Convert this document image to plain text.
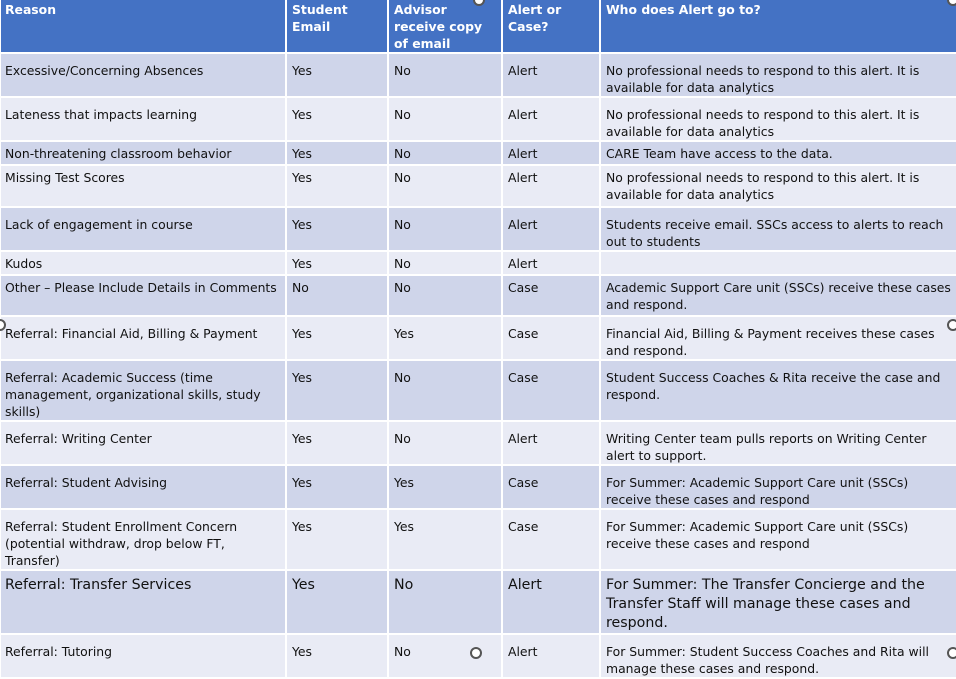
Reason	Student Email	Advisor receive copy of email	Alert or Case?	Who does Alert go to?
Excessive/Concerning Absences	Yes	No	Alert	No professional needs to respond to this alert. It is available for data analytics
Lateness that impacts learning	Yes	No	Alert	No professional needs to respond to this alert. It is available for data analytics
Non-threatening classroom behavior	Yes	No	Alert	CARE Team have access to the data.
Missing Test Scores	Yes	No	Alert	No professional needs to respond to this alert. It is available for data analytics
Lack of engagement in course	Yes	No	Alert	Students receive email. SSCs access to alerts to reach out to students
Kudos	Yes	No	Alert	
Other – Please Include Details in Comments	No	No	Case	Academic Support Care unit (SSCs) receive these cases and respond.
Referral: Financial Aid, Billing & Payment	Yes	Yes	Case	Financial Aid, Billing & Payment receives these cases and respond.
Referral: Academic Success (time management, organizational skills, study skills)	Yes	No	Case	Student Success Coaches & Rita receive the case and respond.
Referral: Writing Center	Yes	No	Alert	Writing Center team pulls reports on Writing Center alert to support.
Referral: Student Advising	Yes	Yes	Case	For Summer: Academic Support Care unit (SSCs) receive these cases and respond
Referral: Student Enrollment Concern (potential withdraw, drop below FT, Transfer)	Yes	Yes	Case	For Summer: Academic Support Care unit (SSCs) receive these cases and respond
Referral: Transfer Services	Yes	No	Alert	For Summer: The Transfer Concierge and the Transfer Staff will manage these cases and respond.
Referral: Tutoring	Yes	No	Alert	For Summer: Student Success Coaches and Rita will manage these cases and respond.
